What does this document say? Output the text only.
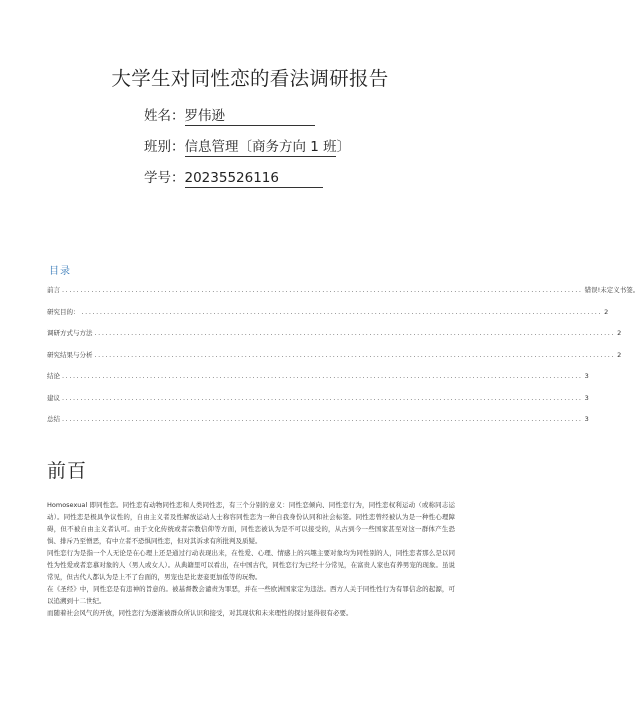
大学生对同性恋的看法调研报告
姓名：罗伟逊
班别：信息管理〔商务方向 1 班〕
学号：20235526116
目录
前言 .............................................................................................................................................. 错误!未定义书签。
研究目的： .............................................................................................................................................. 2
调研方式与方法 .............................................................................................................................................. 2
研究结果与分析 .............................................................................................................................................. 2
结论 .............................................................................................................................................. 3
建议 .............................................................................................................................................. 3
总结 .............................................................................................................................................. 3
前百

Homosexual 即同性恋。同性恋有动物同性恋和人类同性恋，有三个分别的意义：同性恋倾向、同性恋行为，同性恋权利运动（或称同志运动）。同性恋是极具争议性的，自由主义者及性解放运动人士称容同性恋为一种自我身份认同和社会标签。同性恋曾经被认为是一种性心理障碍，但不被自由主义者认可。由于文化传统或者宗教信仰等方面，同性恋被认为是不可以接受的，从古到今一些国家甚至对这一群体产生恐惧、排斥乃至憎恶，有中立者不恐惧同性恋，但对其诉求有所批判及质疑。

同性恋行为是指一个人无论是在心理上还是通过行动表现出来，在性爱、心理、情感上的兴趣主要对象均为同性别的人，同性恋者那么是以同性为性爱或者恋慕对象的人（男人或女人）。从典籍里可以看出，在中国古代，同性恋行为已经十分常见，在富贵人家也有养男宠的现象。虽说常见，但古代人都认为是上不了台面的，男宠也是比妻妾更加低等的玩物。

在《圣经》中，同性恋是有违神的旨意的。被基督教会谴责为罪恶，并在一些欧洲国家定为违法。西方人关于同性性行为有罪信念的起源，可以追溯到十二世纪。

而随着社会风气的开放，同性恋行为逐渐被群众所认识和接受，对其现状和未来理性的探讨显得很有必要。
